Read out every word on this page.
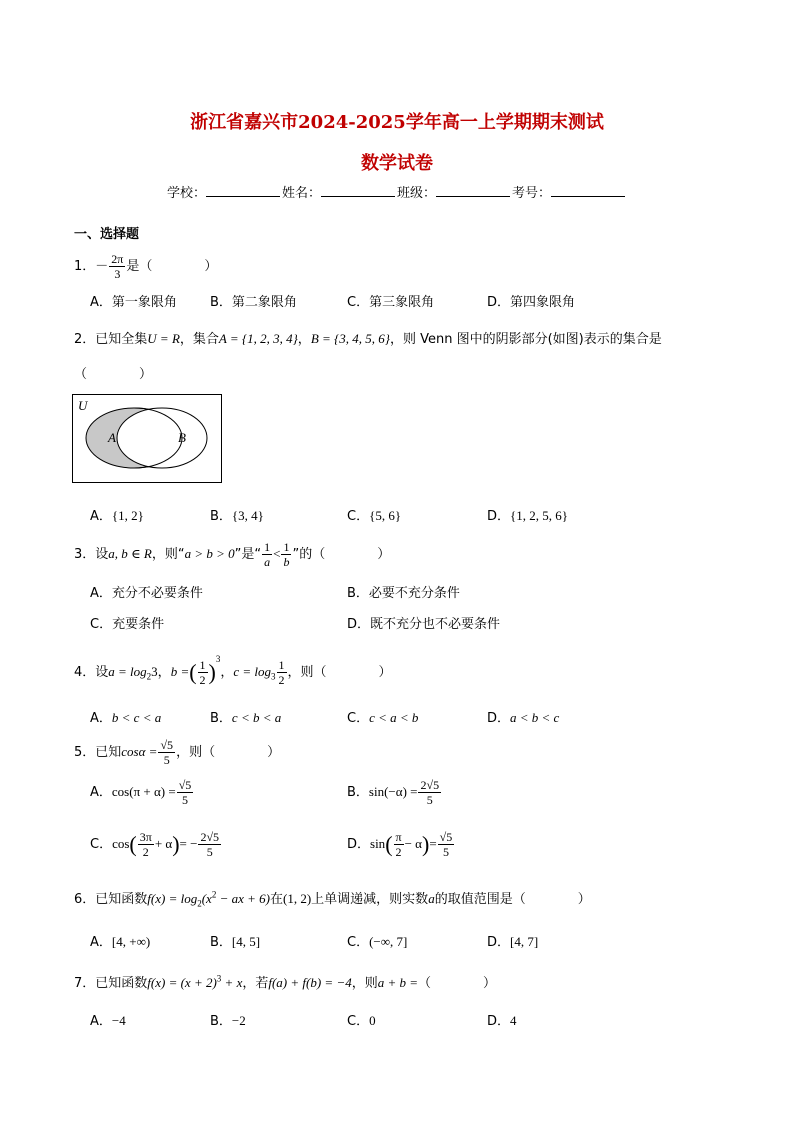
浙江省嘉兴市2024-2025学年高一上学期期末测试
数学试卷
学校：	姓名：	班级：	考号：
一、选择题
1．－ $\frac{2\pi}{3}$ 是（　　　　）
A．第一象限角	B．第二象限角	C．第三象限角	D．第四象限角
2．已知全集U = R，集合A = {1, 2, 3, 4}，B = {3, 4, 5, 6}，则 Venn 图中的阴影部分(如图)表示的集合是
（　　　　）
U
A	B
A．{1, 2}	B．{3, 4}	C．{5, 6}	D．{1, 2, 5, 6}
3．设a, b ∈ R，则“a > b > 0”是“ $\frac{1}{a} < \frac{1}{b}$ ”的（　　　　）
A．充分不必要条件	B．必要不充分条件
C．充要条件	D．既不充分也不必要条件
4．设$a = \log_23$，b =( $\frac{1}{2} )^3$，$c = \log_3 \frac{1}{2}$ ，则（　　　　）
A．b < c < a	B．c < b < a	C．c < a < b	D．a < b < c
5．已知$\cos\alpha = \frac{√5}{5}$ ，则（　　　　）
A．$\cos(\pi + \alpha) = \frac{√5}{5}$	B．$\sin(-\alpha) = \frac{2√5}{5}$
C．$\cos( \frac{3\pi}{2} + \alpha)= - \frac{2√5}{5}$	D．$\sin( \frac{\pi}{2} - \alpha)= \frac{√5}{5}$
6．已知函数$f(x) = \log_2(x^2$ − ax + 6)在(1, 2)上单调递减，则实数a的取值范围是（　　　　）
A．[4, +∞)	B．[4, 5]	C．(−∞, 7]	D．[4, 7]
7．已知函数$f(x) = (x + 2)^3 + x$，若f(a) + f(b) = −4，则a + b =（　　　　）
A．−4	B．−2	C．0	D．4
